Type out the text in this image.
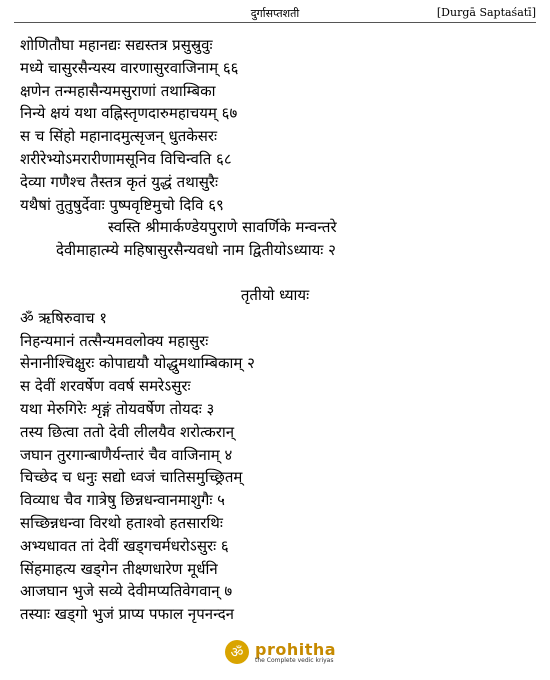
दुर्गासप्तशती	[Durgā Saptaśatī]
शोणितौघा महानद्यः सद्यस्तत्र प्रसुस्रुवुः
मध्ये चासुरसैन्यस्य वारणासुरवाजिनाम् ६६
क्षणेन तन्महासैन्यमसुराणां तथाम्बिका
निन्ये क्षयं यथा वह्निस्तृणदारुमहाचयम् ६७
स च सिंहो महानादमुत्सृजन् धुतकेसरः
शरीरेभ्योऽमरारीणामसूनिव विचिन्वति ६८
देव्या गणैश्च तैस्तत्र कृतं युद्धं तथासुरैः
यथैषां तुतुषुर्देवाः पुष्पवृष्टिमुचो दिवि ६९
स्वस्ति श्रीमार्कण्डेयपुराणे सावर्णिके मन्वन्तरे
देवीमाहात्म्ये महिषासुरसैन्यवधो नाम द्वितीयोऽध्यायः २
तृतीयो ध्यायः
ॐ ऋषिरुवाच १
निहन्यमानं तत्सैन्यमवलोक्य महासुरः
सेनानीश्चिक्षुरः कोपाद्ययौ योद्धुमथाम्बिकाम् २
स देवीं शरवर्षेण ववर्ष समरेऽसुरः
यथा मेरुगिरेः शृङ्गं तोयवर्षेण तोयदः ३
तस्य छित्वा ततो देवी लीलयैव शरोत्करान्
जघान तुरगान्बाणैर्यन्तारं चैव वाजिनाम् ४
चिच्छेद च धनुः सद्यो ध्वजं चातिसमुच्छ्रितम्
विव्याध चैव गात्रेषु छिन्नधन्वानमाशुगैः ५
सच्छिन्नधन्वा विरथो हताश्वो हतसारथिः
अभ्यधावत तां देवीं खड्गचर्मधरोऽसुरः ६
सिंहमाहत्य खड्गेन तीक्ष्णधारेण मूर्धनि
आजघान भुजे सव्ये देवीमप्यतिवेगवान् ७
तस्याः खड्गो भुजं प्राप्य पफाल नृपनन्दन
ॐ prohitha
the Complete vedic kriyas
